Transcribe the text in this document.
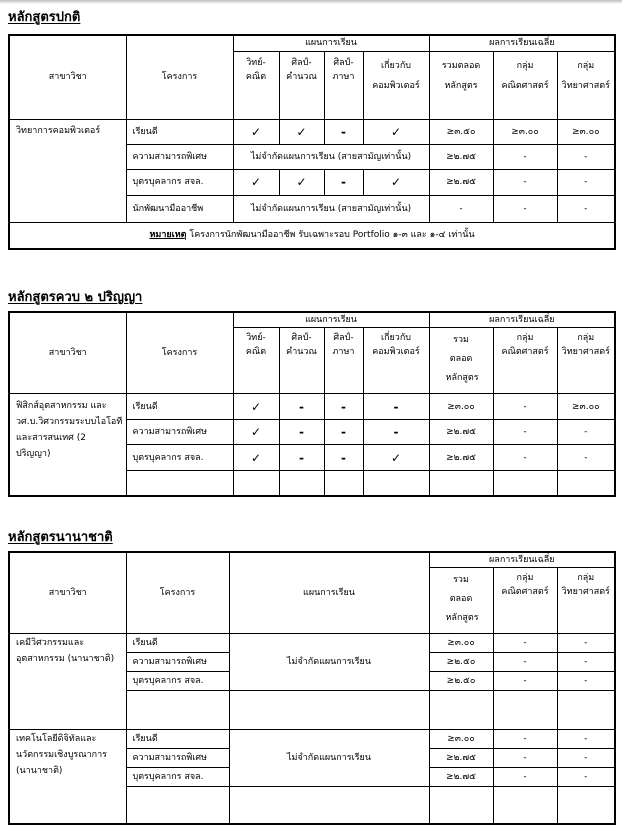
หลักสูตรปกติ
สาขาวิชา	โครงการ	แผนการเรียน				ผลการเรียนเฉลี่ย		
		วิทย์-คณิต	ศิลป์-คำนวณ	ศิลป์-ภาษา	เกี่ยวกับคอมพิวเตอร์	รวมตลอดหลักสูตร	กลุ่มคณิตศาสตร์	กลุ่มวิทยาศาสตร์
วิทยาการคอมพิวเตอร์	เรียนดี	✓	✓	-	✓	≥๓.๕๐	≥๓.๐๐	≥๓.๐๐
	ความสามารถพิเศษ	ไม่จำกัดแผนการเรียน (สายสามัญเท่านั้น)				≥๒.๗๕	-	-
	บุตรบุคลากร สจล.	✓	✓	-	✓	≥๒.๗๕	-	-
	นักพัฒนามืออาชีพ	ไม่จำกัดแผนการเรียน (สายสามัญเท่านั้น)				-	-	-
หมายเหตุ โครงการนักพัฒนามืออาชีพ รับเฉพาะรอบ Portfolio ๑-๓ และ ๑-๔ เท่านั้น								
หลักสูตรควบ ๒ ปริญญา
สาขาวิชา	โครงการ	แผนการเรียน				ผลการเรียนเฉลี่ย		
		วิทย์-คณิต	ศิลป์-คำนวณ	ศิลป์-ภาษา	เกี่ยวกับคอมพิวเตอร์	รวมตลอดหลักสูตร	กลุ่มคณิตศาสตร์	กลุ่มวิทยาศาสตร์
ฟิสิกส์อุตสาหกรรม และ วศ.บ.วิศวกรรมระบบไอโอทีและสารสนเทศ (2 ปริญญา)	เรียนดี	✓	-	-	-	≥๓.๐๐	-	≥๓.๐๐
	ความสามารถพิเศษ	✓	-	-	-	≥๒.๗๕	-	-
	บุตรบุคลากร สจล.	✓	-	-	✓	≥๒.๗๕	-	-

หลักสูตรนานาชาติ
สาขาวิชา	โครงการ	แผนการเรียน	ผลการเรียนเฉลี่ย		
			รวมตลอดหลักสูตร	กลุ่มคณิตศาสตร์	กลุ่มวิทยาศาสตร์
เคมีวิศวกรรมและอุตสาหกรรม (นานาชาติ)	เรียนดี	ไม่จำกัดแผนการเรียน	≥๓.๐๐	-	-
	ความสามารถพิเศษ		≥๒.๕๐	-	-
	บุตรบุคลากร สจล.		≥๒.๕๐	-	-

เทคโนโลยีดิจิทัลและนวัตกรรมเชิงบูรณาการ (นานาชาติ)	เรียนดี	ไม่จำกัดแผนการเรียน	≥๓.๐๐	-	-
	ความสามารถพิเศษ		≥๒.๗๕	-	-
	บุตรบุคลากร สจล.		≥๒.๗๕	-	-
